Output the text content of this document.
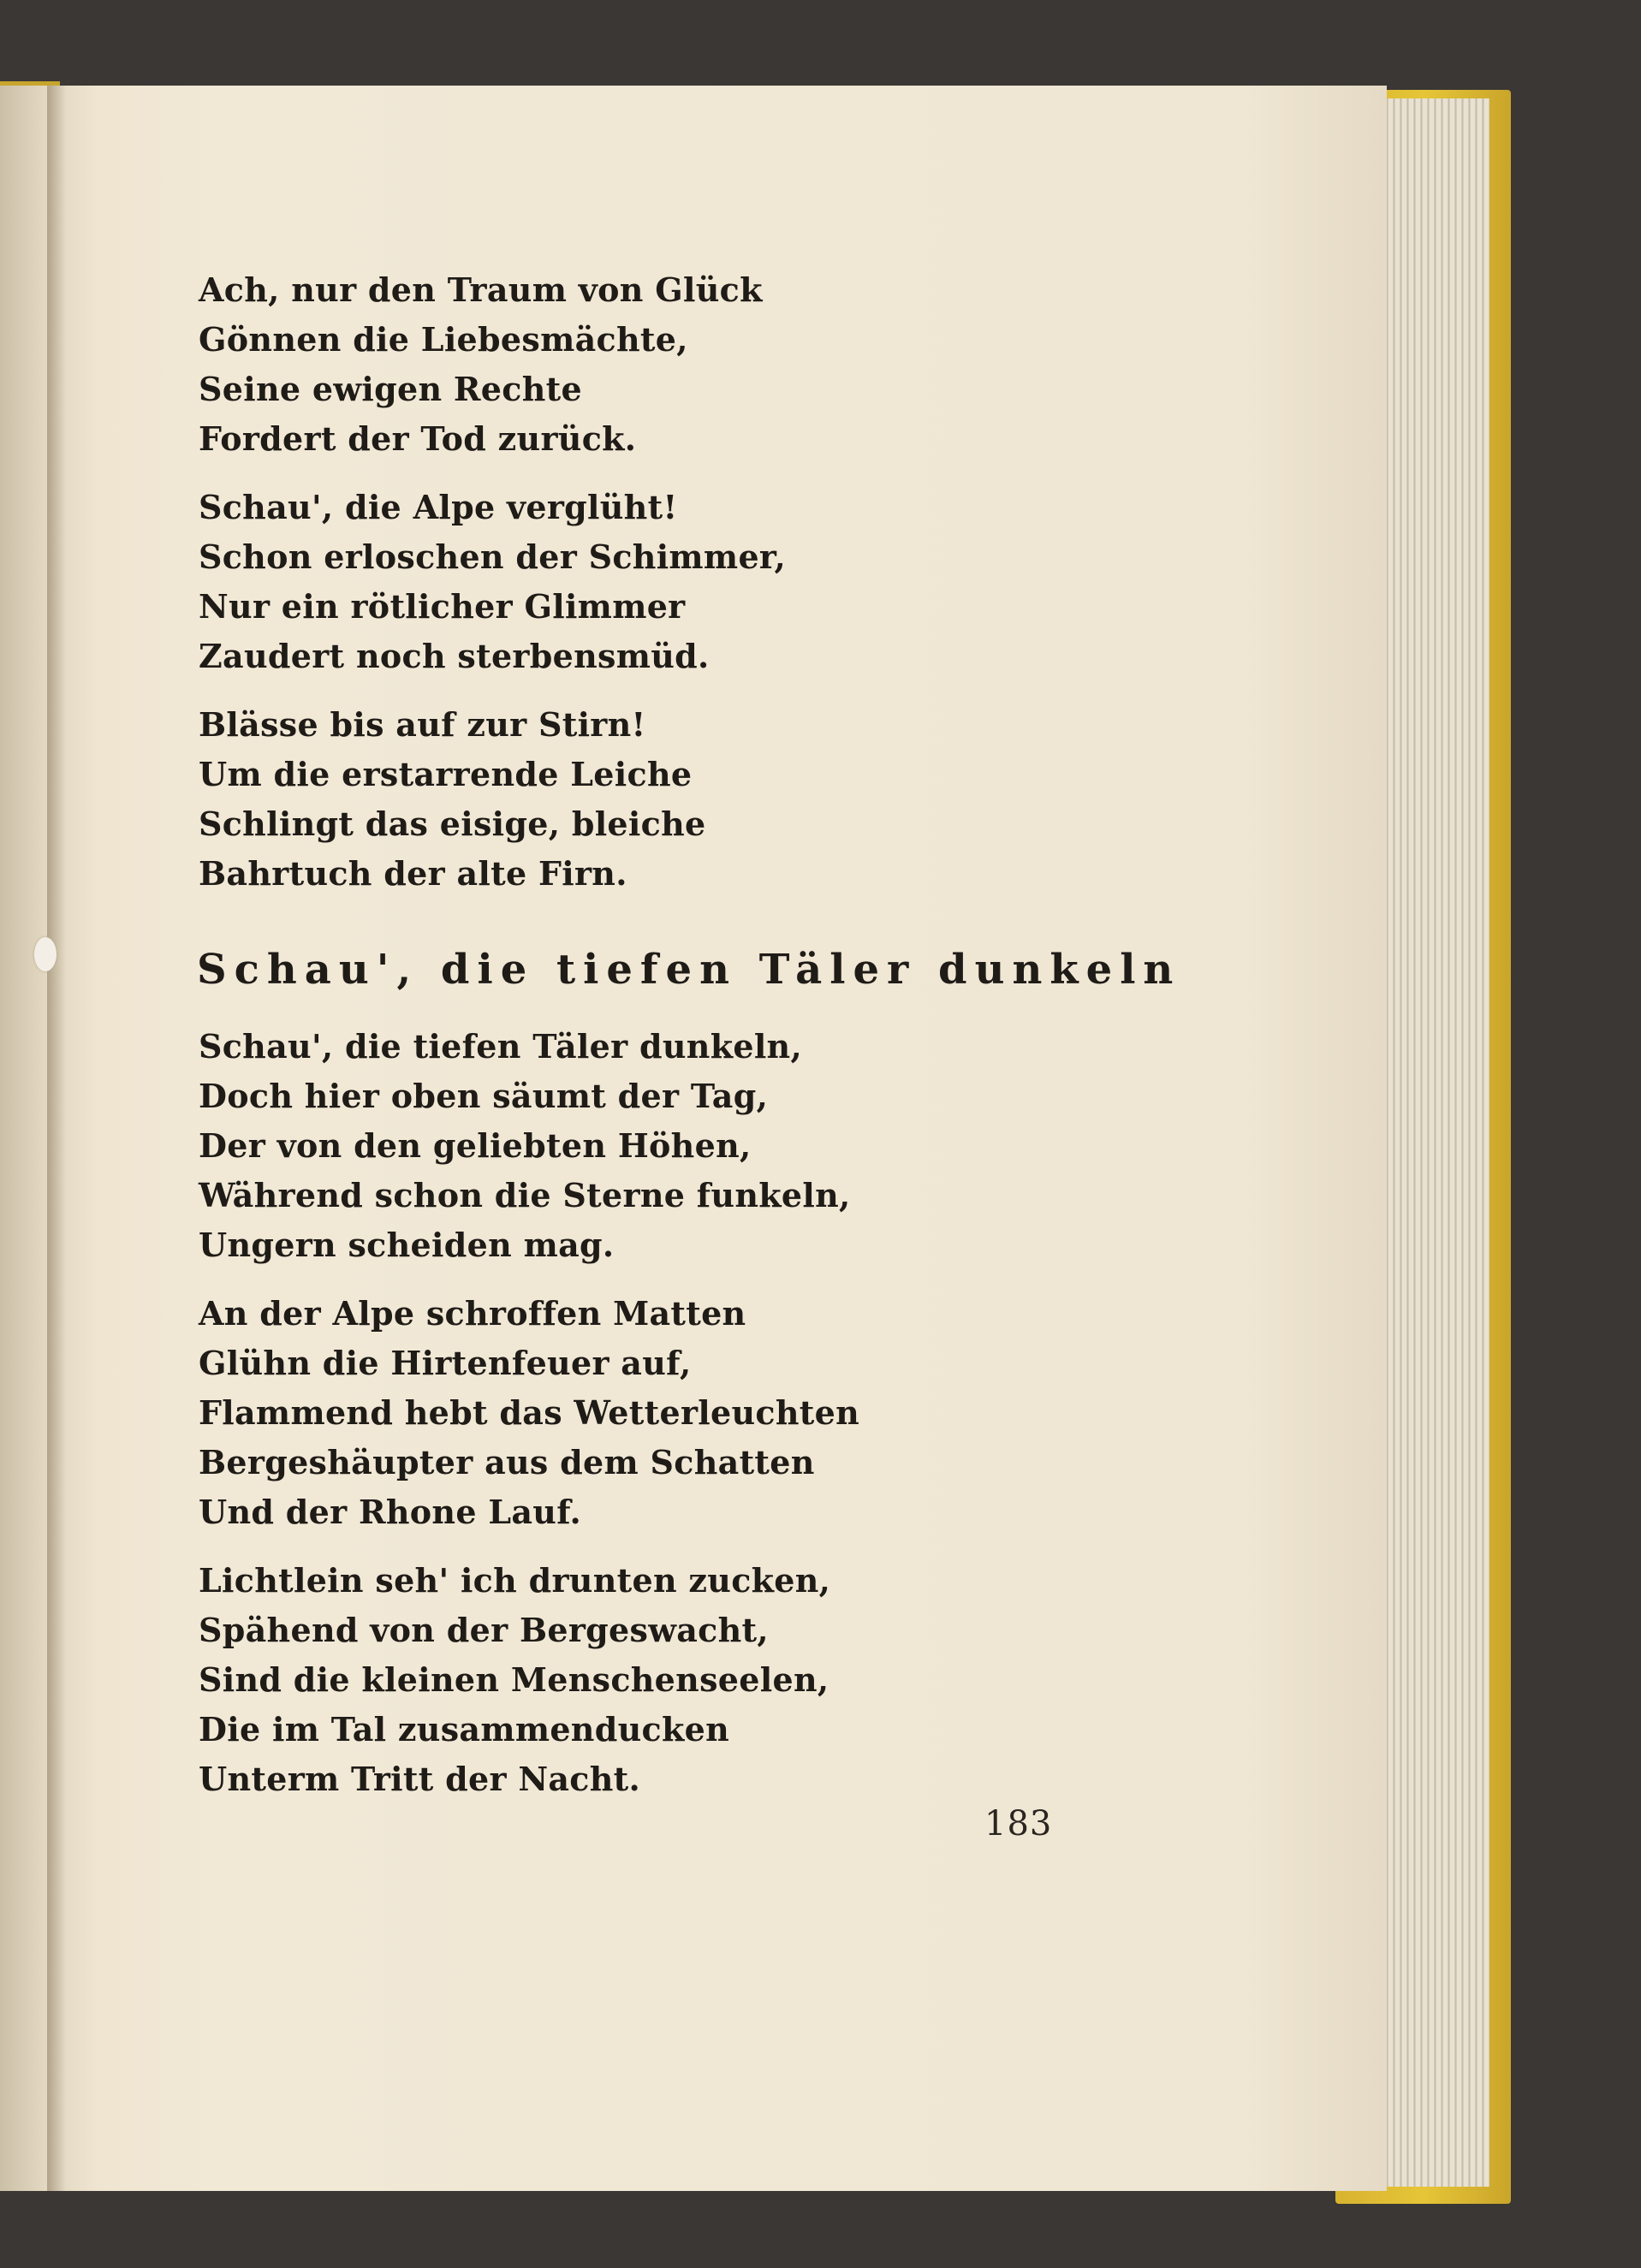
Ach, nur den Traum von Glück
Gönnen die Liebesmächte,
Seine ewigen Rechte
Fordert der Tod zurück.
Schau', die Alpe verglüht!
Schon erloschen der Schimmer,
Nur ein rötlicher Glimmer
Zaudert noch sterbensmüd.
Blässe bis auf zur Stirn!
Um die erstarrende Leiche
Schlingt das eisige, bleiche
Bahrtuch der alte Firn.
Schau', die tiefen Täler dunkeln
Schau', die tiefen Täler dunkeln,
Doch hier oben säumt der Tag,
Der von den geliebten Höhen,
Während schon die Sterne funkeln,
Ungern scheiden mag.
An der Alpe schroffen Matten
Glühn die Hirtenfeuer auf,
Flammend hebt das Wetterleuchten
Bergeshäupter aus dem Schatten
Und der Rhone Lauf.
Lichtlein seh' ich drunten zucken,
Spähend von der Bergeswacht,
Sind die kleinen Menschenseelen,
Die im Tal zusammenducken
Unterm Tritt der Nacht.
183
